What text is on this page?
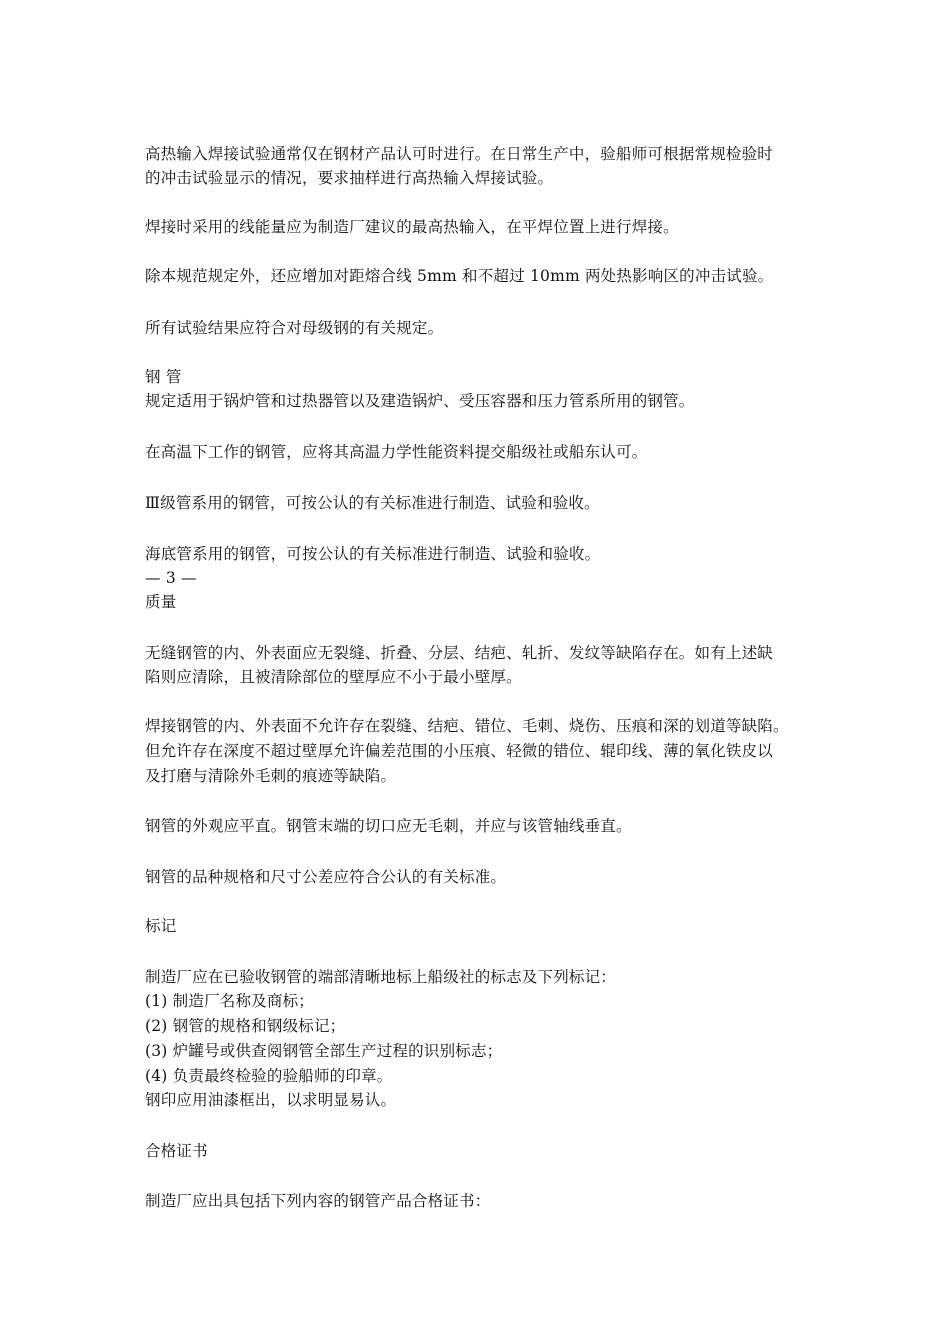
高热输入焊接试验通常仅在钢材产品认可时进行。在日常生产中，验船师可根据常规检验时
的冲击试验显示的情况，要求抽样进行高热输入焊接试验。
焊接时采用的线能量应为制造厂建议的最高热输入，在平焊位置上进行焊接。
除本规范规定外，还应增加对距熔合线 5mm 和不超过 10mm 两处热影响区的冲击试验。
所有试验结果应符合对母级钢的有关规定。
钢 管
规定适用于锅炉管和过热器管以及建造锅炉、受压容器和压力管系所用的钢管。
在高温下工作的钢管，应将其高温力学性能资料提交船级社或船东认可。
Ⅲ级管系用的钢管，可按公认的有关标准进行制造、试验和验收。
海底管系用的钢管，可按公认的有关标准进行制造、试验和验收。
— 3 —
质量
无缝钢管的内、外表面应无裂缝、折叠、分层、结疤、轧折、发纹等缺陷存在。如有上述缺
陷则应清除，且被清除部位的壁厚应不小于最小壁厚。
焊接钢管的内、外表面不允许存在裂缝、结疤、错位、毛刺、烧伤、压痕和深的划道等缺陷。
但允许存在深度不超过壁厚允许偏差范围的小压痕、轻微的错位、辊印线、薄的氧化铁皮以
及打磨与清除外毛刺的痕迹等缺陷。
钢管的外观应平直。钢管末端的切口应无毛刺，并应与该管轴线垂直。
钢管的品种规格和尺寸公差应符合公认的有关标准。
标记
制造厂应在已验收钢管的端部清晰地标上船级社的标志及下列标记：
(1) 制造厂名称及商标；
(2) 钢管的规格和钢级标记；
(3) 炉罐号或供查阅钢管全部生产过程的识别标志；
(4) 负责最终检验的验船师的印章。
钢印应用油漆框出，以求明显易认。
合格证书
制造厂应出具包括下列内容的钢管产品合格证书：
